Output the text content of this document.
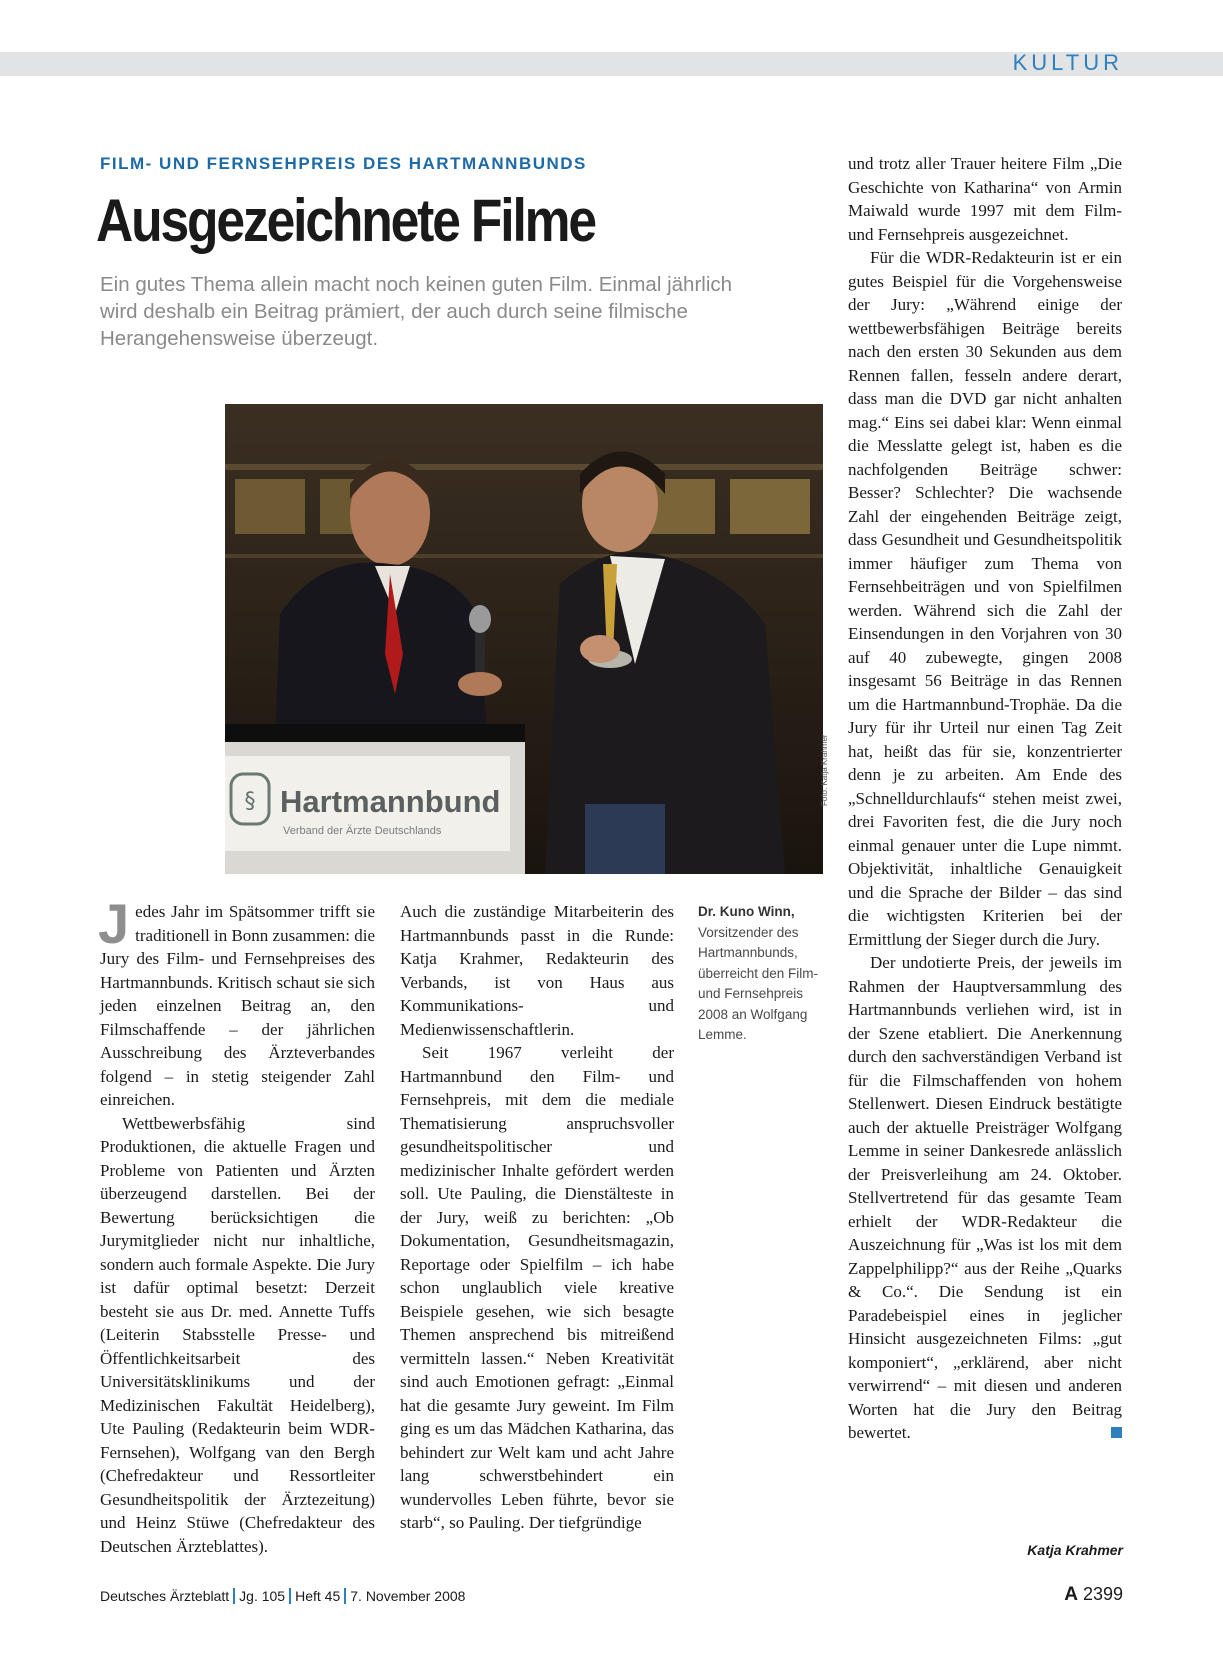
KULTUR
FILM- UND FERNSEHPREIS DES HARTMANNBUNDS
Ausgezeichnete Filme
Ein gutes Thema allein macht noch keinen guten Film. Einmal jährlich wird deshalb ein Beitrag prämiert, der auch durch seine filmische Herangehensweise überzeugt.
§ Hartmannbund
Verband der Ärzte Deutschlands
Foto: Katja Krahmer
Dr. Kuno Winn, Vorsitzender des Hartmannbunds, überreicht den Film- und Fernsehpreis 2008 an Wolfgang Lemme.

Jedes Jahr im Spätsommer trifft sie traditionell in Bonn zusammen: die Jury des Film- und Fernsehpreises des Hartmannbunds. Kritisch schaut sie sich jeden einzelnen Beitrag an, den Filmschaffende – der jährlichen Ausschreibung des Ärzteverbandes folgend – in stetig steigender Zahl einreichen.

Wettbewerbsfähig sind Produktionen, die aktuelle Fragen und Probleme von Patienten und Ärzten überzeugend darstellen. Bei der Bewertung berücksichtigen die Jurymitglieder nicht nur inhaltliche, sondern auch formale Aspekte. Die Jury ist dafür optimal besetzt: Derzeit besteht sie aus Dr. med. Annette Tuffs (Leiterin Stabsstelle Presse- und Öffentlichkeitsarbeit des Universitätsklinikums und der Medizinischen Fakultät Heidelberg), Ute Pauling (Redakteurin beim WDR-Fernsehen), Wolfgang van den Bergh (Chefredakteur und Ressortleiter Gesundheitspolitik der Ärztezeitung) und Heinz Stüwe (Chefredakteur des Deutschen Ärzteblattes).

Auch die zuständige Mitarbeiterin des Hartmannbunds passt in die Runde: Katja Krahmer, Redakteurin des Verbands, ist von Haus aus Kommunikations- und Medienwissenschaftlerin.

Seit 1967 verleiht der Hartmannbund den Film- und Fernsehpreis, mit dem die mediale Thematisierung anspruchsvoller gesundheitspolitischer und medizinischer Inhalte gefördert werden soll. Ute Pauling, die Dienstälteste in der Jury, weiß zu berichten: „Ob Dokumentation, Gesundheitsmagazin, Reportage oder Spielfilm – ich habe schon unglaublich viele kreative Beispiele gesehen, wie sich besagte Themen ansprechend bis mitreißend vermitteln lassen.“ Neben Kreativität sind auch Emotionen gefragt: „Einmal hat die gesamte Jury geweint. Im Film ging es um das Mädchen Katharina, das behindert zur Welt kam und acht Jahre lang schwerstbehindert ein wundervolles Leben führte, bevor sie starb“, so Pauling. Der tiefgründige

und trotz aller Trauer heitere Film „Die Geschichte von Katharina“ von Armin Maiwald wurde 1997 mit dem Film- und Fernsehpreis ausgezeichnet.

Für die WDR-Redakteurin ist er ein gutes Beispiel für die Vorgehensweise der Jury: „Während einige der wettbewerbsfähigen Beiträge bereits nach den ersten 30 Sekunden aus dem Rennen fallen, fesseln andere derart, dass man die DVD gar nicht anhalten mag.“ Eins sei dabei klar: Wenn einmal die Messlatte gelegt ist, haben es die nachfolgenden Beiträge schwer: Besser? Schlechter? Die wachsende Zahl der eingehenden Beiträge zeigt, dass Gesundheit und Gesundheitspolitik immer häufiger zum Thema von Fernsehbeiträgen und von Spielfilmen werden. Während sich die Zahl der Einsendungen in den Vorjahren von 30 auf 40 zubewegte, gingen 2008 insgesamt 56 Beiträge in das Rennen um die Hartmannbund-Trophäe. Da die Jury für ihr Urteil nur einen Tag Zeit hat, heißt das für sie, konzentrierter denn je zu arbeiten. Am Ende des „Schnelldurchlaufs“ stehen meist zwei, drei Favoriten fest, die die Jury noch einmal genauer unter die Lupe nimmt. Objektivität, inhaltliche Genauigkeit und die Sprache der Bilder – das sind die wichtigsten Kriterien bei der Ermittlung der Sieger durch die Jury.

Der undotierte Preis, der jeweils im Rahmen der Hauptversammlung des Hartmannbunds verliehen wird, ist in der Szene etabliert. Die Anerkennung durch den sachverständigen Verband ist für die Filmschaffenden von hohem Stellenwert. Diesen Eindruck bestätigte auch der aktuelle Preisträger Wolfgang Lemme in seiner Dankesrede anlässlich der Preisverleihung am 24. Oktober. Stellvertretend für das gesamte Team erhielt der WDR-Redakteur die Auszeichnung für „Was ist los mit dem Zappelphilipp?“ aus der Reihe „Quarks & Co.“. Die Sendung ist ein Paradebeispiel eines in jeglicher Hinsicht ausgezeichneten Films: „gut komponiert“, „erklärend, aber nicht verwirrend“ – mit diesen und anderen Worten hat die Jury den Beitrag bewertet.

Katja Krahmer
Deutsches Ärzteblatt Jg. 105 Heft 45 7. November 2008	A 2399
